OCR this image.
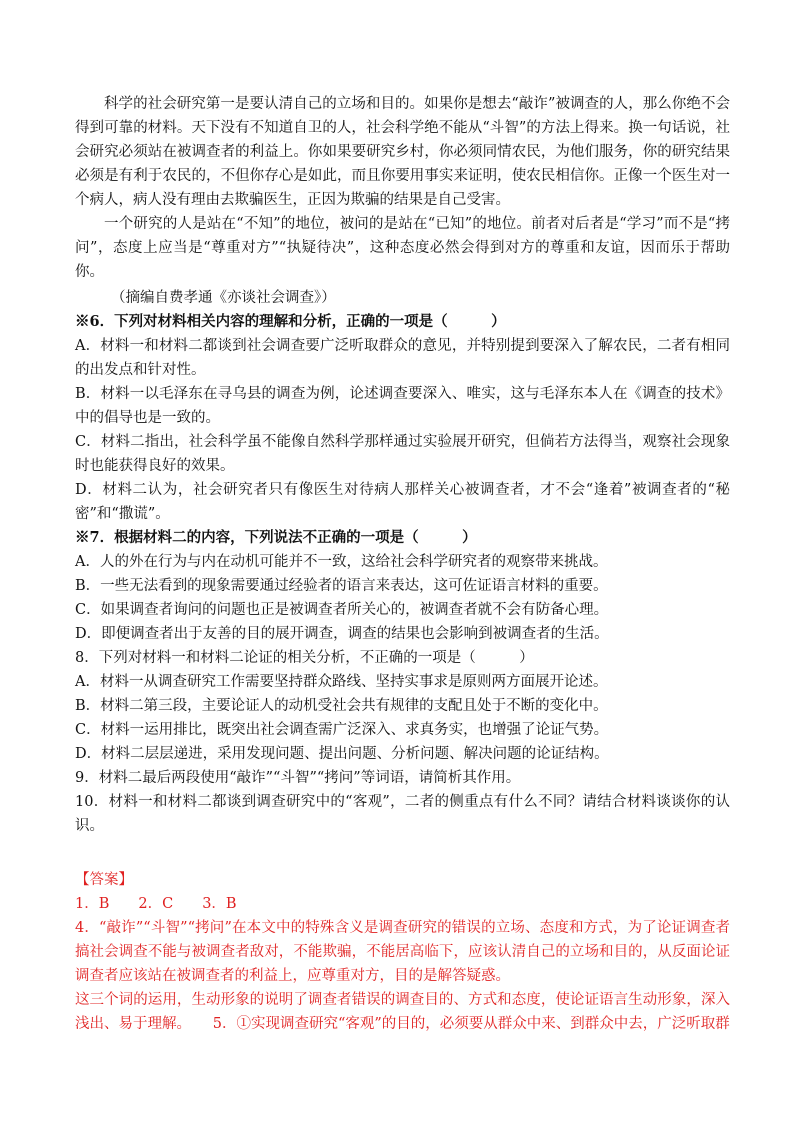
科学的社会研究第一是要认清自己的立场和目的。如果你是想去“敲诈”被调查的人，那么你绝不会得到可靠的材料。天下没有不知道自卫的人，社会科学绝不能从“斗智”的方法上得来。换一句话说，社会研究必须站在被调查者的利益上。你如果要研究乡村，你必须同情农民，为他们服务，你的研究结果必须是有利于农民的，不但你存心是如此，而且你要用事实来证明，使农民相信你。正像一个医生对一个病人，病人没有理由去欺骗医生，正因为欺骗的结果是自己受害。

一个研究的人是站在“不知”的地位，被问的是站在“已知”的地位。前者对后者是“学习”而不是“拷问”，态度上应当是“尊重对方”“执疑待决”，这种态度必然会得到对方的尊重和友谊，因而乐于帮助你。

（摘编自费孝通《亦谈社会调查》）

※6．下列对材料相关内容的理解和分析，正确的一项是（　　　）

A．材料一和材料二都谈到社会调查要广泛听取群众的意见，并特别提到要深入了解农民，二者有相同的出发点和针对性。

B．材料一以毛泽东在寻乌县的调查为例，论述调查要深入、唯实，这与毛泽东本人在《调查的技术》中的倡导也是一致的。

C．材料二指出，社会科学虽不能像自然科学那样通过实验展开研究，但倘若方法得当，观察社会现象时也能获得良好的效果。

D．材料二认为，社会研究者只有像医生对待病人那样关心被调查者，才不会“逢着”被调查者的“秘密”和“撒谎”。

※7．根据材料二的内容，下列说法不正确的一项是（　　　）

A．人的外在行为与内在动机可能并不一致，这给社会科学研究者的观察带来挑战。

B．一些无法看到的现象需要通过经验者的语言来表达，这可佐证语言材料的重要。

C．如果调查者询问的问题也正是被调查者所关心的，被调查者就不会有防备心理。

D．即便调查者出于友善的目的展开调查，调查的结果也会影响到被调查者的生活。

8．下列对材料一和材料二论证的相关分析，不正确的一项是（　　　）

A．材料一从调查研究工作需要坚持群众路线、坚持实事求是原则两方面展开论述。

B．材料二第三段，主要论证人的动机受社会共有规律的支配且处于不断的变化中。

C．材料一运用排比，既突出社会调查需广泛深入、求真务实，也增强了论证气势。

D．材料二层层递进，采用发现问题、提出问题、分析问题、解决问题的论证结构。

9．材料二最后两段使用“敲诈”“斗智”“拷问”等词语，请简析其作用。

10．材料一和材料二都谈到调查研究中的“客观”，二者的侧重点有什么不同？请结合材料谈谈你的认识。

【答案】

1．B　　2．C　　3．B

4．“敲诈”“斗智”“拷问”在本文中的特殊含义是调查研究的错误的立场、态度和方式，为了论证调查者搞社会调查不能与被调查者敌对，不能欺骗，不能居高临下，应该认清自己的立场和目的，从反面论证调查者应该站在被调查者的利益上，应尊重对方，目的是解答疑惑。

这三个词的运用，生动形象的说明了调查者错误的调查目的、方式和态度，使论证语言生动形象，深入浅出、易于理解。　　5．①实现调查研究“客观”的目的，必须要从群众中来、到群众中去，广泛听取群
